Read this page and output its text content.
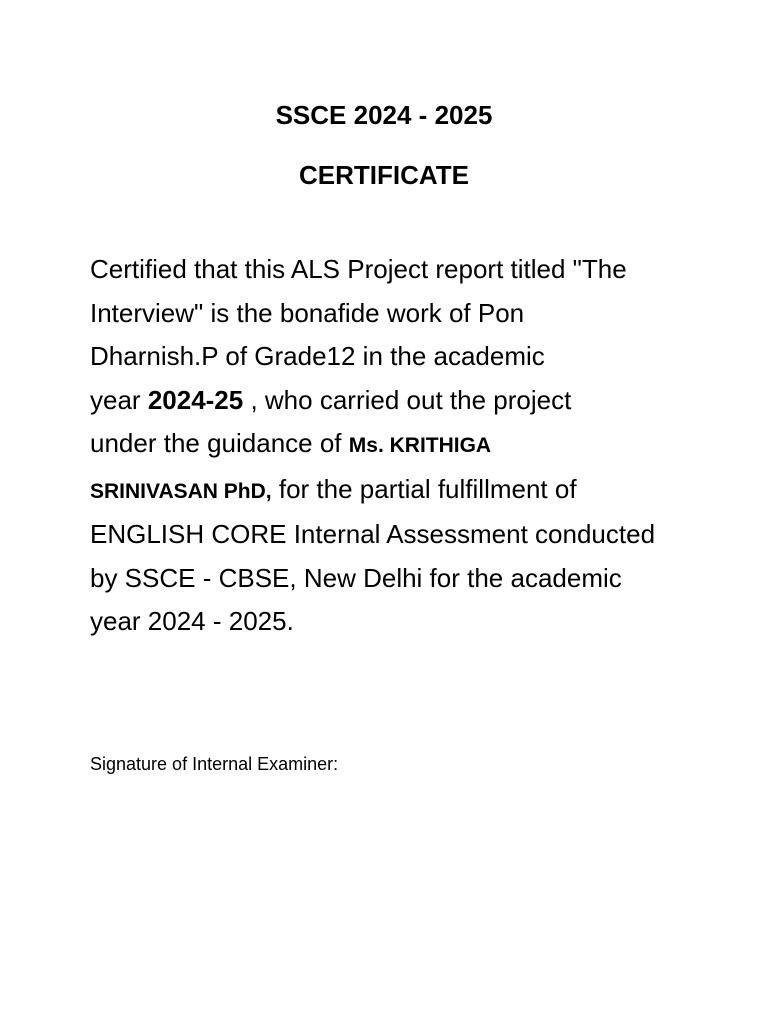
SSCE 2024 - 2025
CERTIFICATE
Certified that this ALS Project report titled "The
Interview" is the bonafide work of Pon
Dharnish.P of Grade12 in the academic
year 2024-25 , who carried out the project
under the guidance of Ms. KRITHIGA
SRINIVASAN PhD, for the partial fulfillment of
ENGLISH CORE Internal Assessment conducted
by SSCE - CBSE, New Delhi for the academic
year 2024 - 2025.
Signature of Internal Examiner:
